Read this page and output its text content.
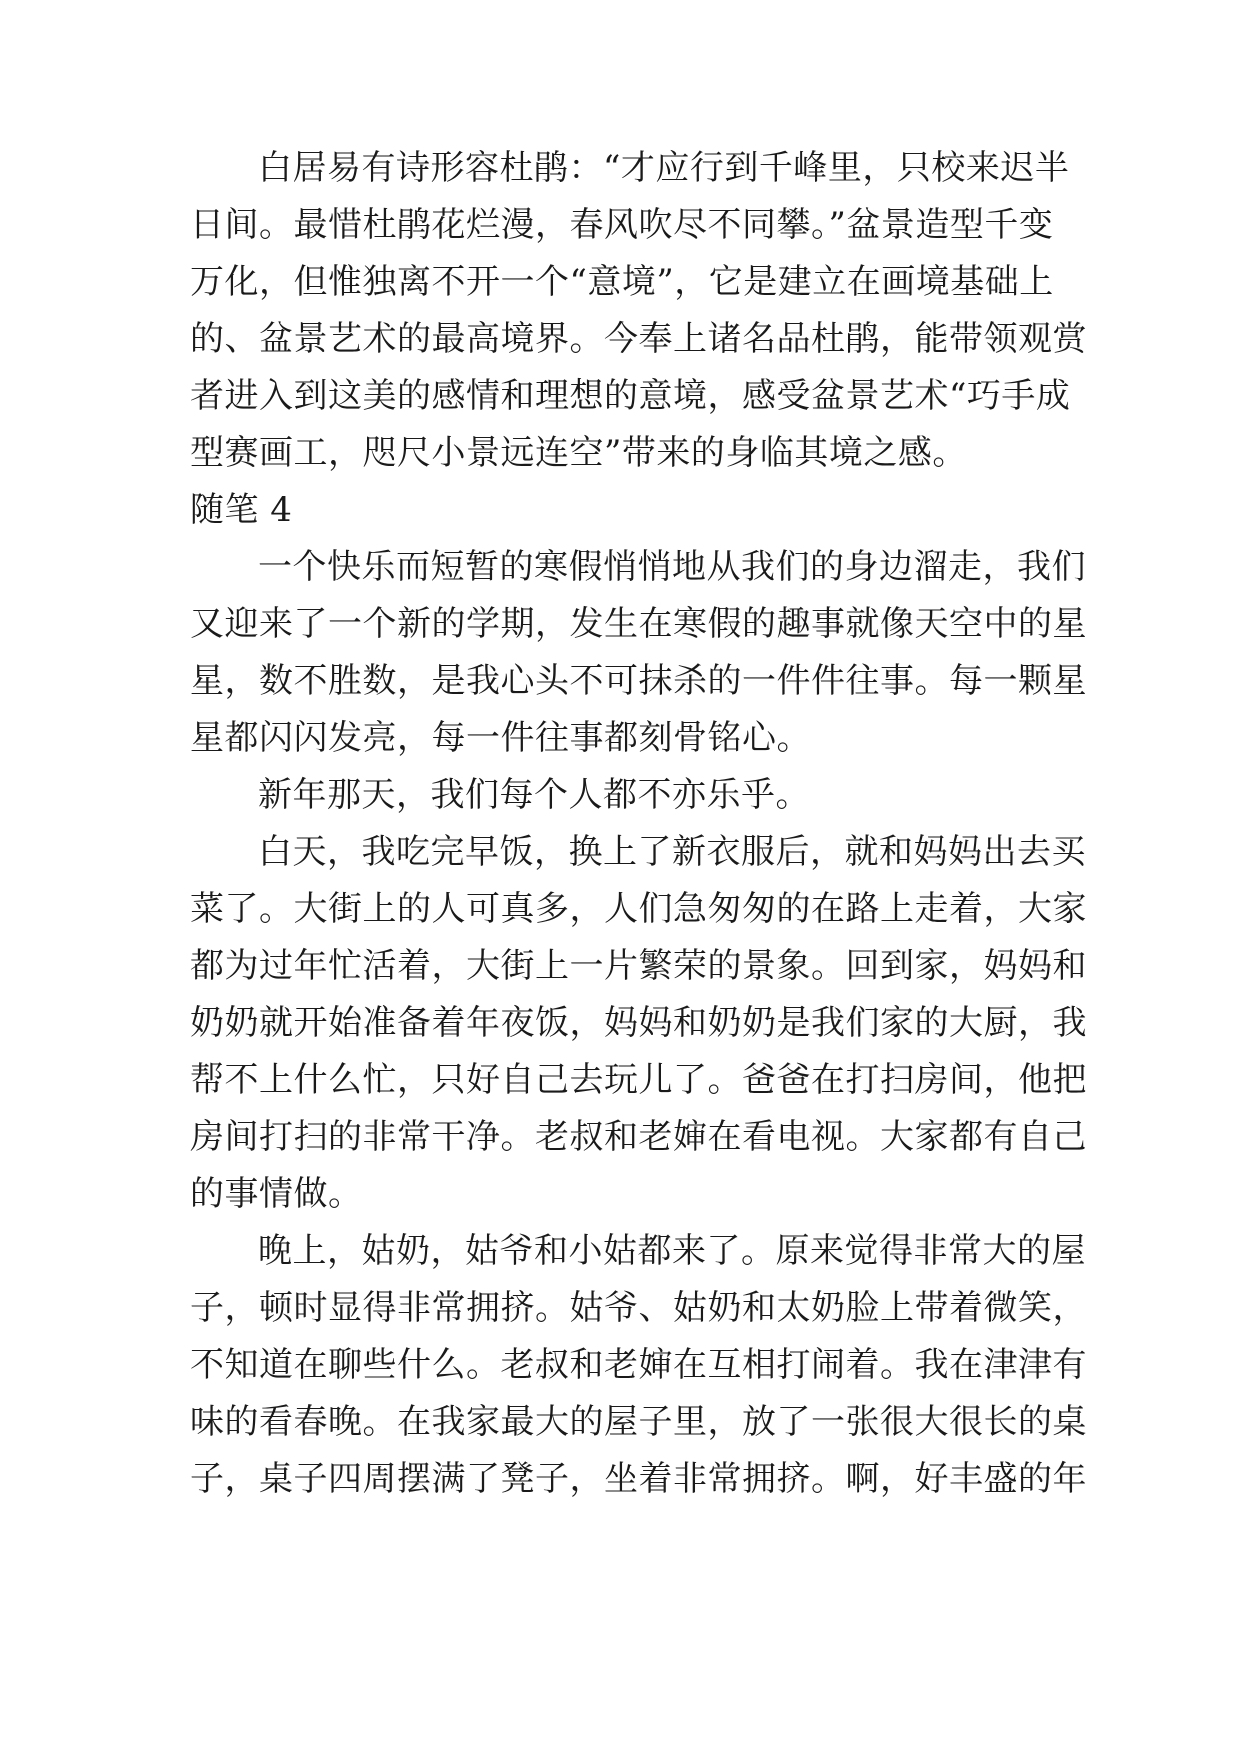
白居易有诗形容杜鹃：“才应行到千峰里，只校来迟半
日间。最惜杜鹃花烂漫，春风吹尽不同攀。”盆景造型千变
万化，但惟独离不开一个“意境”，它是建立在画境基础上
的、盆景艺术的最高境界。今奉上诸名品杜鹃，能带领观赏
者进入到这美的感情和理想的意境，感受盆景艺术“巧手成
型赛画工，咫尺小景远连空”带来的身临其境之感。
随笔 4
一个快乐而短暂的寒假悄悄地从我们的身边溜走，我们
又迎来了一个新的学期，发生在寒假的趣事就像天空中的星
星，数不胜数，是我心头不可抹杀的一件件往事。每一颗星
星都闪闪发亮，每一件往事都刻骨铭心。
新年那天，我们每个人都不亦乐乎。
白天，我吃完早饭，换上了新衣服后，就和妈妈出去买
菜了。大街上的人可真多，人们急匆匆的在路上走着，大家
都为过年忙活着，大街上一片繁荣的景象。回到家，妈妈和
奶奶就开始准备着年夜饭，妈妈和奶奶是我们家的大厨，我
帮不上什么忙，只好自己去玩儿了。爸爸在打扫房间，他把
房间打扫的非常干净。老叔和老婶在看电视。大家都有自己
的事情做。
晚上，姑奶，姑爷和小姑都来了。原来觉得非常大的屋
子，顿时显得非常拥挤。姑爷、姑奶和太奶脸上带着微笑，
不知道在聊些什么。老叔和老婶在互相打闹着。我在津津有
味的看春晚。在我家最大的屋子里，放了一张很大很长的桌
子，桌子四周摆满了凳子，坐着非常拥挤。啊，好丰盛的年
